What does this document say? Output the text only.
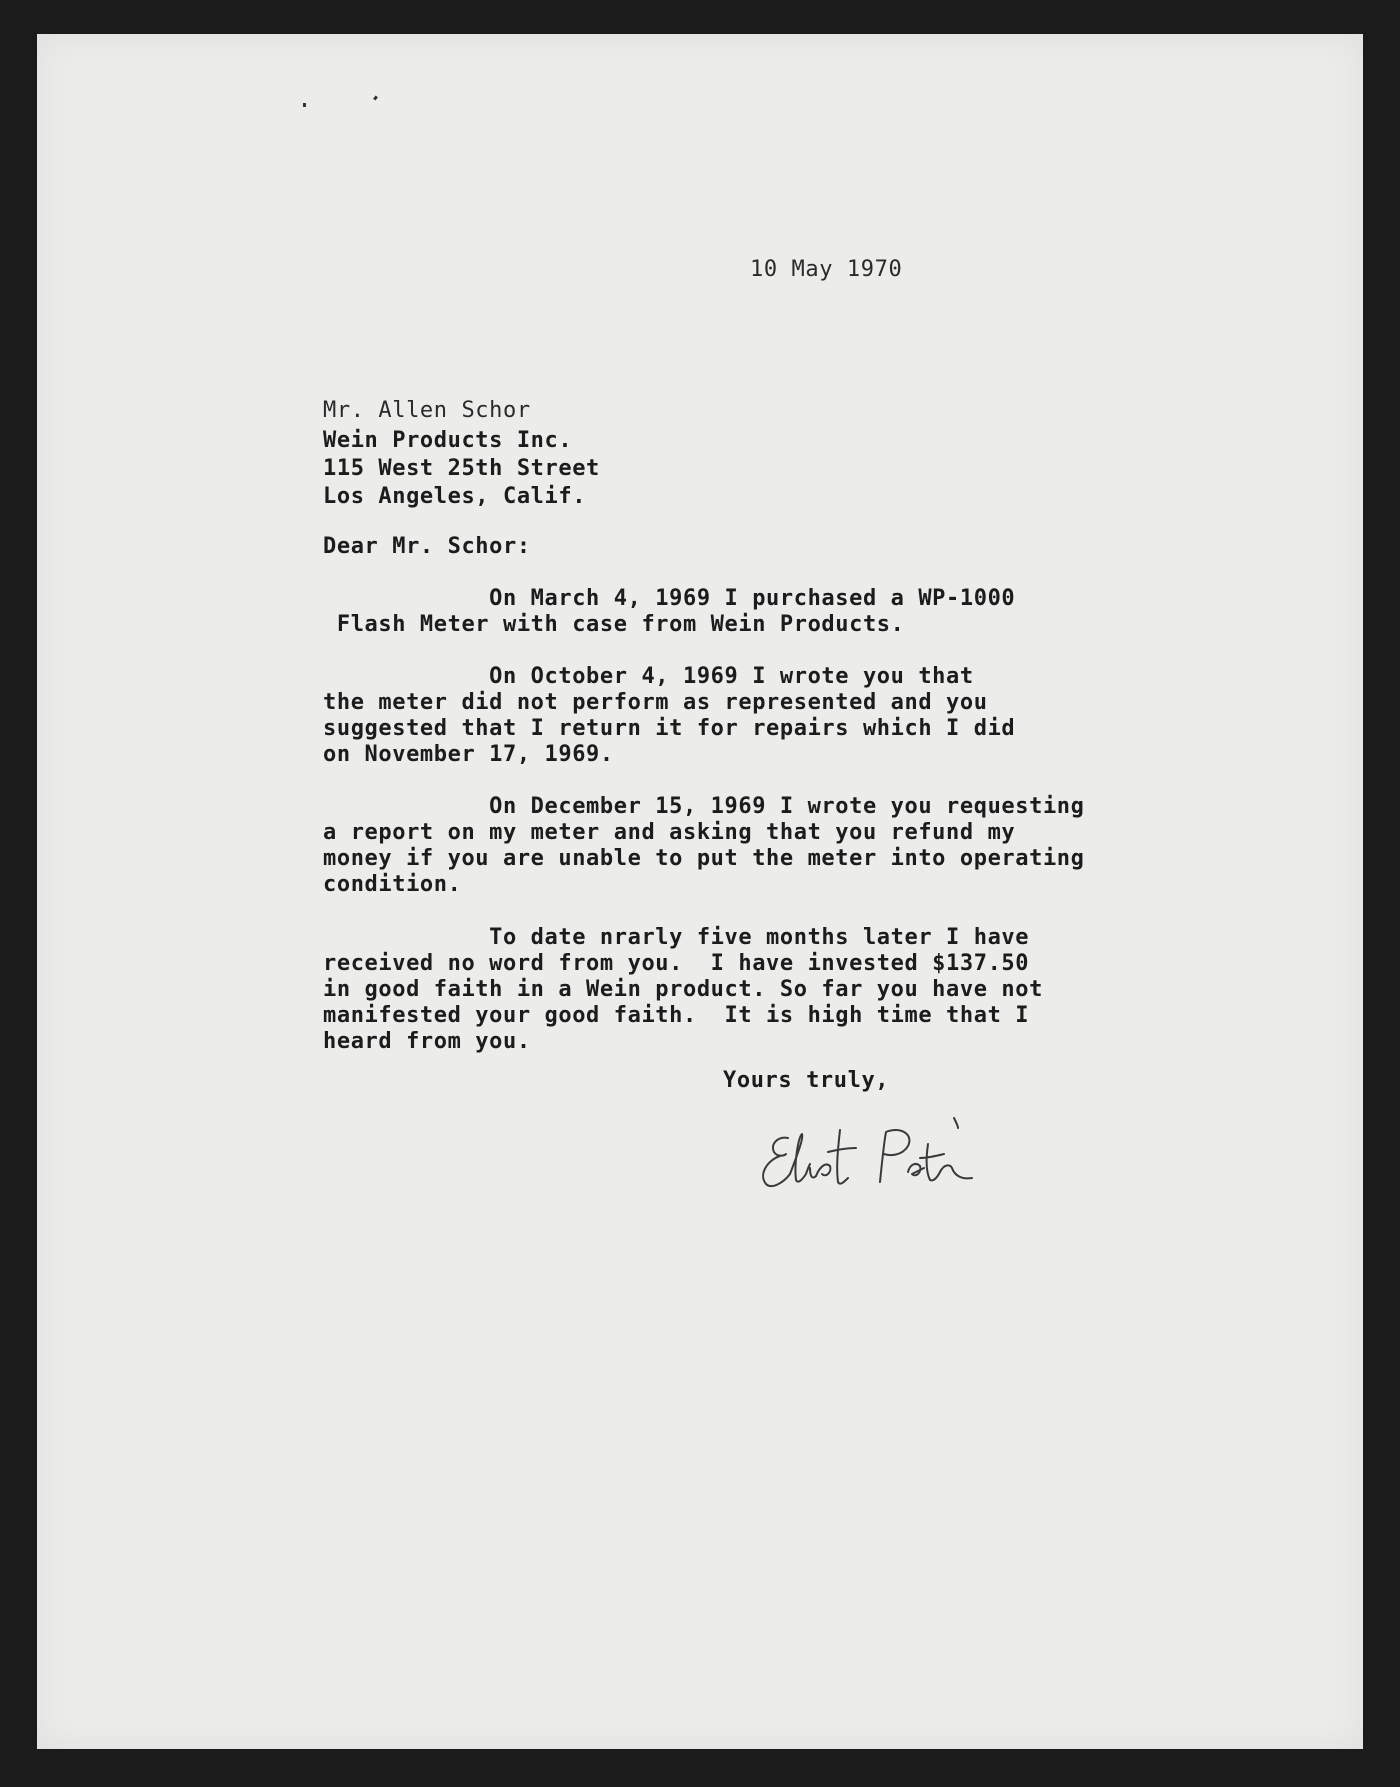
10 May 1970
Mr. Allen Schor
Wein Products Inc.
115 West 25th Street
Los Angeles, Calif.
Dear Mr. Schor:
On March 4, 1969 I purchased a WP-1000
Flash Meter with case from Wein Products.
On October 4, 1969 I wrote you that
the meter did not perform as represented and you
suggested that I return it for repairs which I did
on November 17, 1969.
On December 15, 1969 I wrote you requesting
a report on my meter and asking that you refund my
money if you are unable to put the meter into operating
condition.
To date nrarly five months later I have
received no word from you.  I have invested $137.50
in good faith in a Wein product. So far you have not
manifested your good faith.  It is high time that I
heard from you.
Yours truly,
